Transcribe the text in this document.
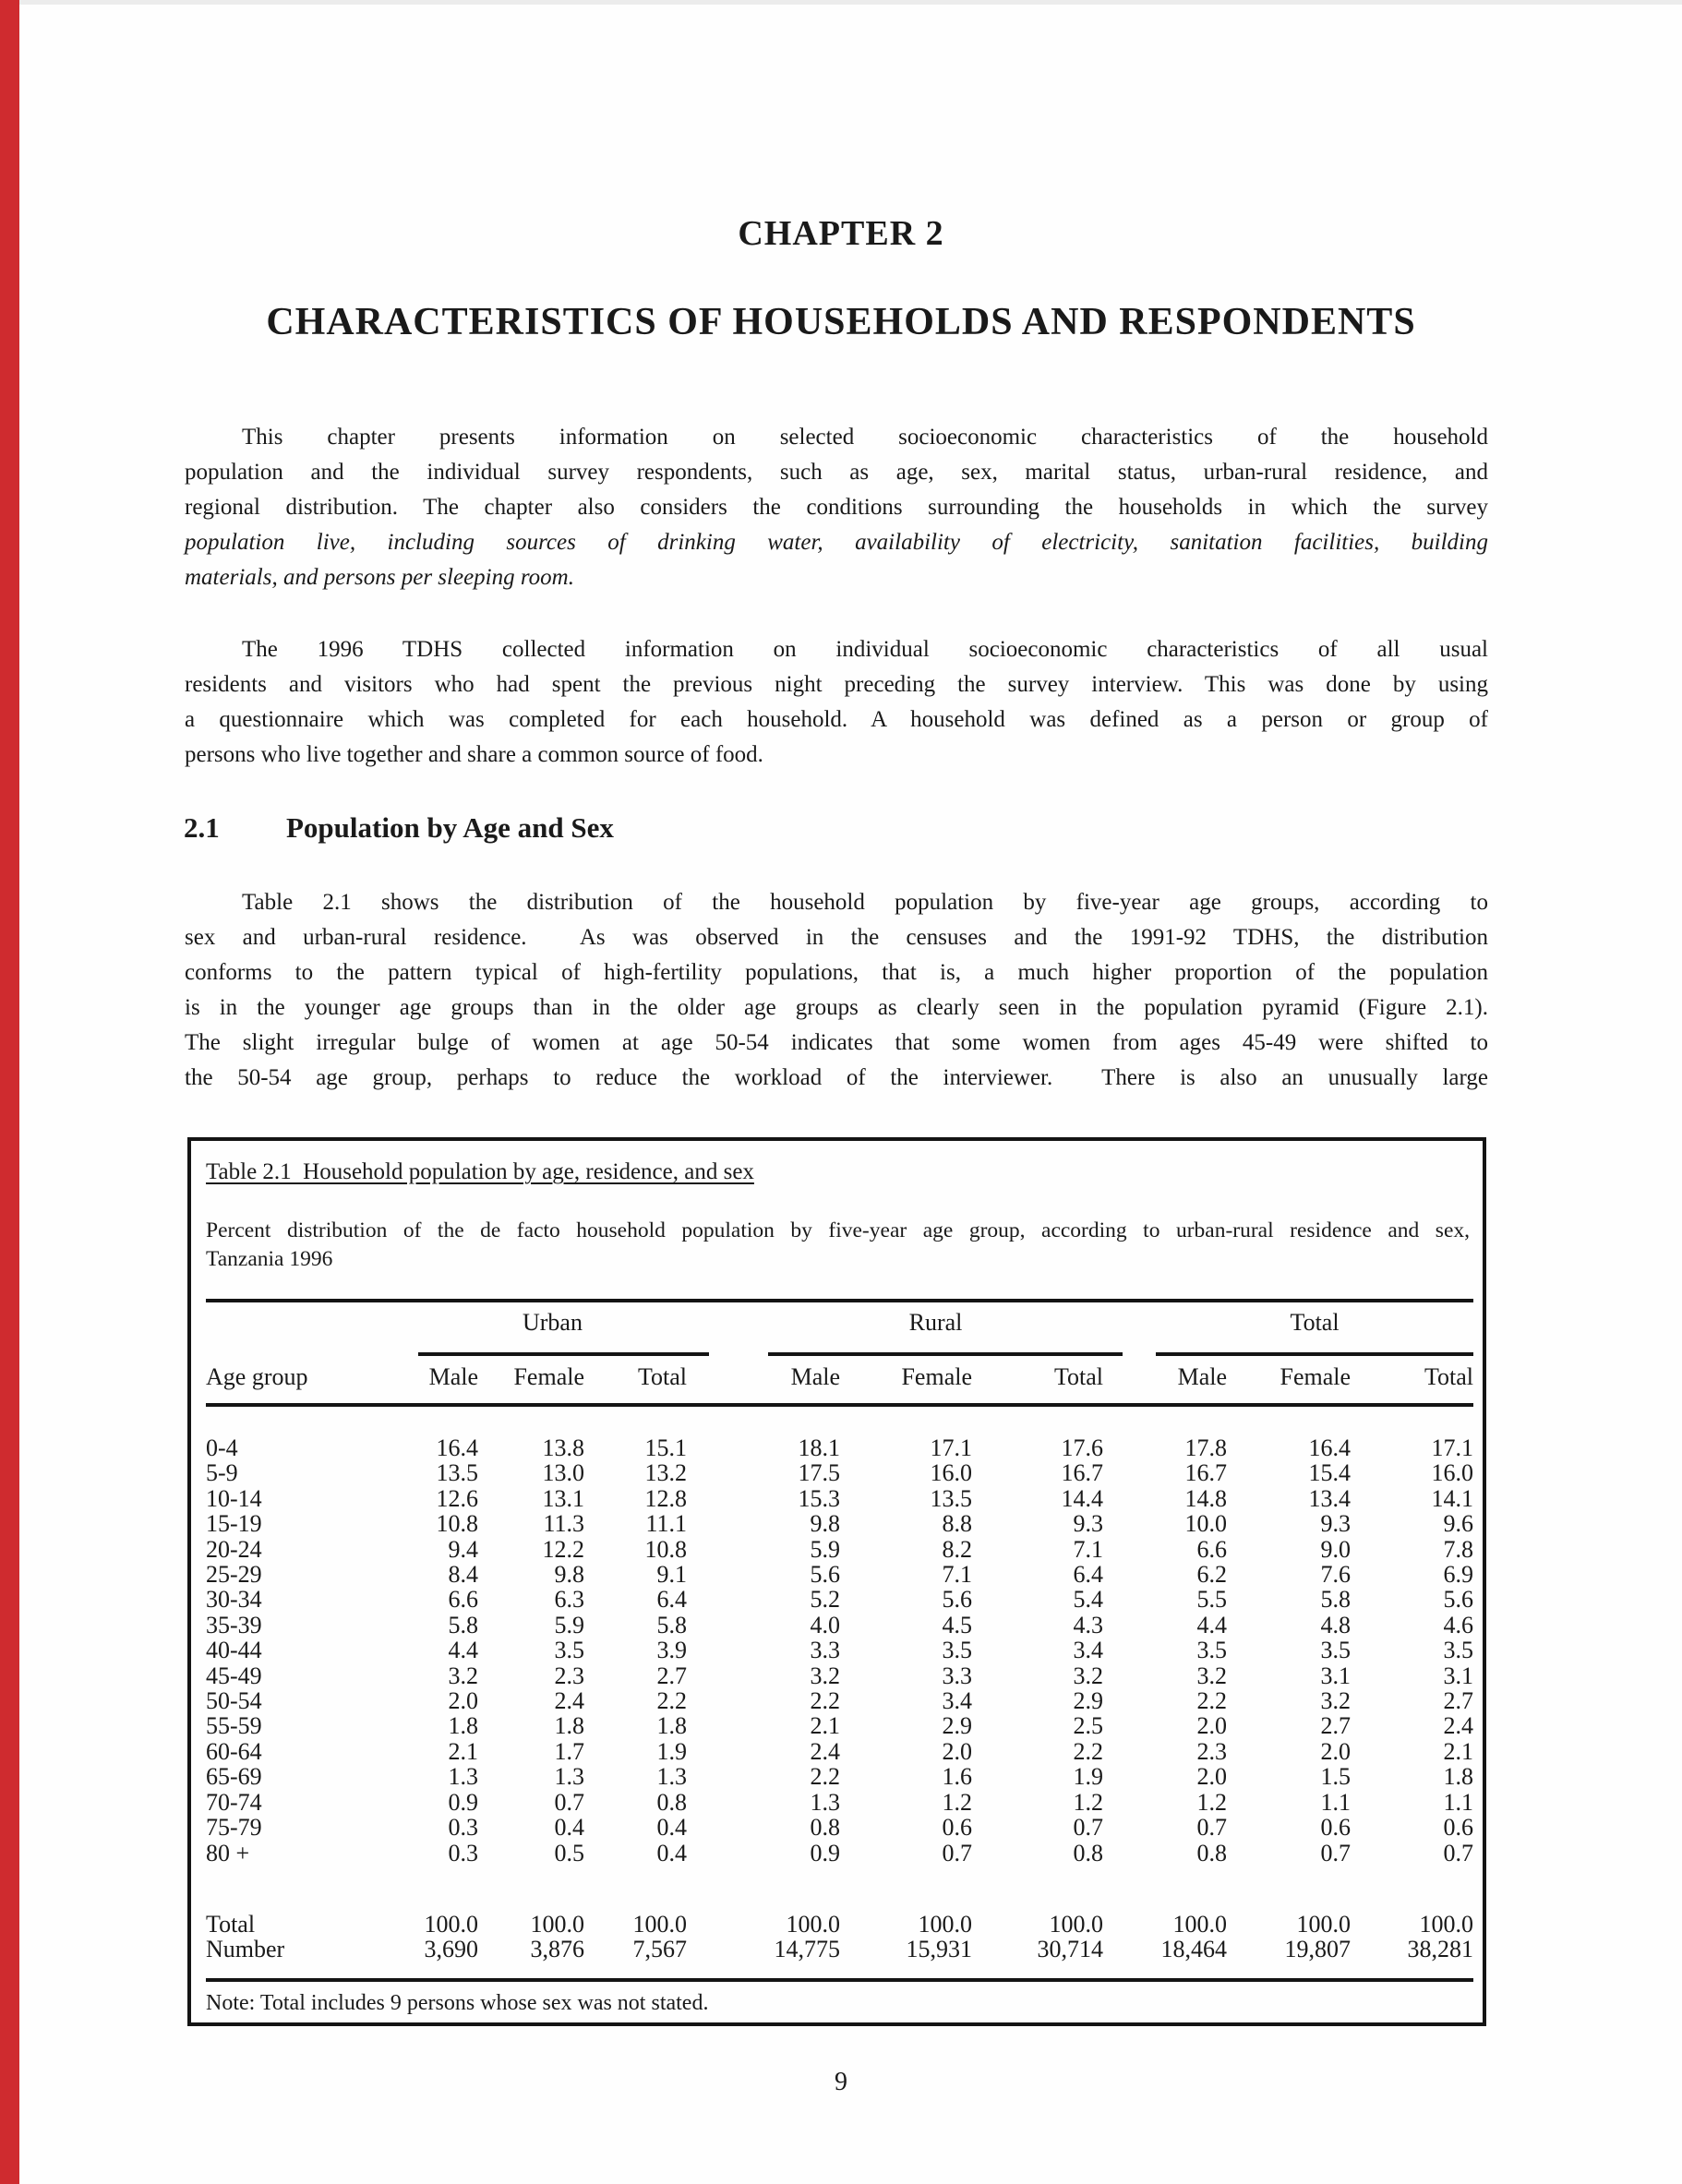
CHAPTER 2
CHARACTERISTICS OF HOUSEHOLDS AND RESPONDENTS
This chapter presents information on selected socioeconomic characteristics of the household
population and the individual survey respondents, such as age, sex, marital status, urban-rural residence, and
regional distribution. The chapter also considers the conditions surrounding the households in which the survey
population live, including sources of drinking water, availability of electricity, sanitation facilities, building
materials, and persons per sleeping room.
The 1996 TDHS collected information on individual socioeconomic characteristics of all usual
residents and visitors who had spent the previous night preceding the survey interview. This was done by using
a questionnaire which was completed for each household. A household was defined as a person or group of
persons who live together and share a common source of food.
2.1 Population by Age and Sex
Table 2.1 shows the distribution of the household population by five-year age groups, according to
sex and urban-rural residence.  As was observed in the censuses and the 1991-92 TDHS, the distribution
conforms to the pattern typical of high-fertility populations, that is, a much higher proportion of the population
is in the younger age groups than in the older age groups as clearly seen in the population pyramid (Figure 2.1).
The slight irregular bulge of women at age 50-54 indicates that some women from ages 45-49 were shifted to
the 50-54 age group, perhaps to reduce the workload of the interviewer.  There is also an unusually large
Table 2.1  Household population by age, residence, and sex
Percent distribution of the de facto household population by five-year age group, according to urban-rural residence and sex,
Tanzania 1996
	Urban			Rural			Total		

Age group	Male	Female	Total	Male	Female	Total	Male	Female	Total
0-4	16.4	13.8	15.1	18.1	17.1	17.6	17.8	16.4	17.1
5-9	13.5	13.0	13.2	17.5	16.0	16.7	16.7	15.4	16.0
10-14	12.6	13.1	12.8	15.3	13.5	14.4	14.8	13.4	14.1
15-19	10.8	11.3	11.1	9.8	8.8	9.3	10.0	9.3	9.6
20-24	9.4	12.2	10.8	5.9	8.2	7.1	6.6	9.0	7.8
25-29	8.4	9.8	9.1	5.6	7.1	6.4	6.2	7.6	6.9
30-34	6.6	6.3	6.4	5.2	5.6	5.4	5.5	5.8	5.6
35-39	5.8	5.9	5.8	4.0	4.5	4.3	4.4	4.8	4.6
40-44	4.4	3.5	3.9	3.3	3.5	3.4	3.5	3.5	3.5
45-49	3.2	2.3	2.7	3.2	3.3	3.2	3.2	3.1	3.1
50-54	2.0	2.4	2.2	2.2	3.4	2.9	2.2	3.2	2.7
55-59	1.8	1.8	1.8	2.1	2.9	2.5	2.0	2.7	2.4
60-64	2.1	1.7	1.9	2.4	2.0	2.2	2.3	2.0	2.1
65-69	1.3	1.3	1.3	2.2	1.6	1.9	2.0	1.5	1.8
70-74	0.9	0.7	0.8	1.3	1.2	1.2	1.2	1.1	1.1
75-79	0.3	0.4	0.4	0.8	0.6	0.7	0.7	0.6	0.6
80 +	0.3	0.5	0.4	0.9	0.7	0.8	0.8	0.7	0.7
Total	100.0	100.0	100.0	100.0	100.0	100.0	100.0	100.0	100.0
Number	3,690	3,876	7,567	14,775	15,931	30,714	18,464	19,807	38,281
Note: Total includes 9 persons whose sex was not stated.
9
